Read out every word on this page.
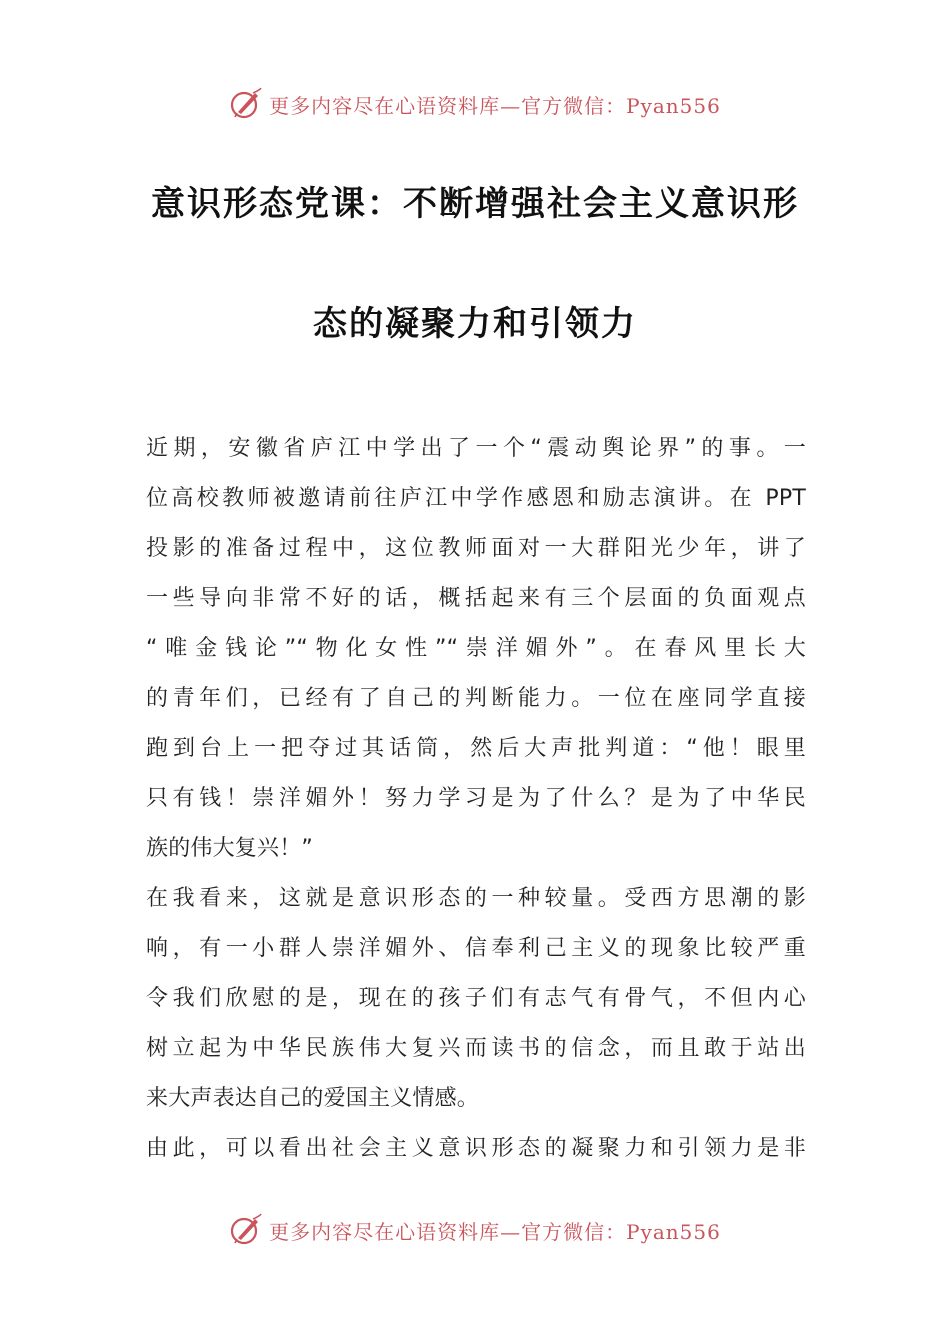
更多内容尽在心语资料库—官方微信：Pyan556
意识形态党课：不断增强社会主义意识形
态的凝聚力和引领力
近期，安徽省庐江中学出了一个“震动舆论界”的事。一
位高校教师被邀请前往庐江中学作感恩和励志演讲。在 PPT
投影的准备过程中，这位教师面对一大群阳光少年，讲了
一些导向非常不好的话，概括起来有三个层面的负面观点
“唯金钱论”“物化女性”“崇洋媚外”。在春风里长大
的青年们，已经有了自己的判断能力。一位在座同学直接
跑到台上一把夺过其话筒，然后大声批判道：“他！眼里
只有钱！崇洋媚外！努力学习是为了什么？是为了中华民
族的伟大复兴！”
在我看来，这就是意识形态的一种较量。受西方思潮的影
响，有一小群人崇洋媚外、信奉利己主义的现象比较严重
令我们欣慰的是，现在的孩子们有志气有骨气，不但内心
树立起为中华民族伟大复兴而读书的信念，而且敢于站出
来大声表达自己的爱国主义情感。
由此，可以看出社会主义意识形态的凝聚力和引领力是非
更多内容尽在心语资料库—官方微信：Pyan556
